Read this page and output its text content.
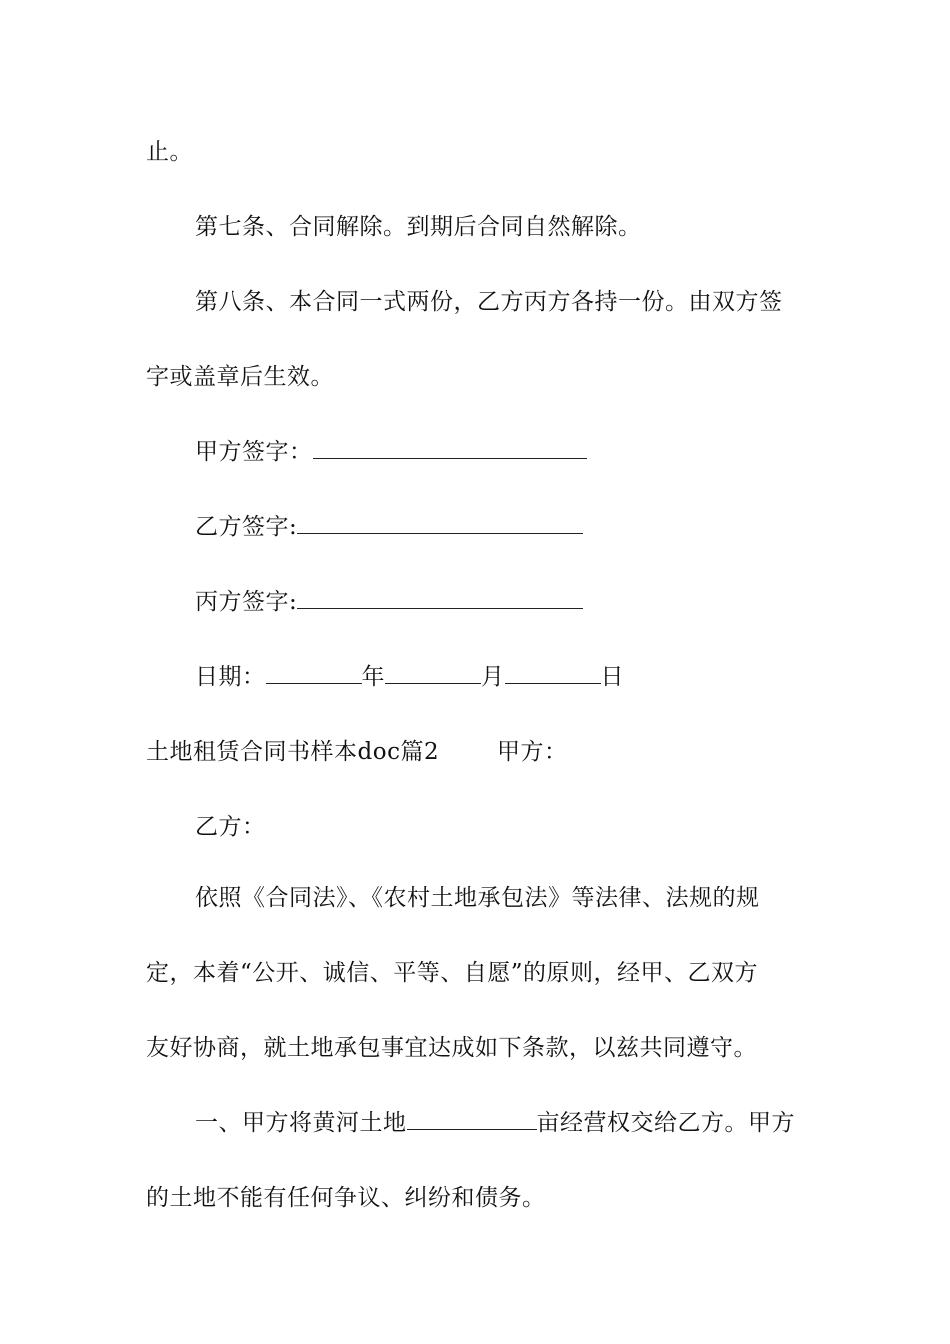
止。
第七条、合同解除。到期后合同自然解除。
第八条、本合同一式两份，乙方丙方各持一份。由双方签
字或盖章后生效。
甲方签字：
乙方签字:
丙方签字:
日期：	年	月	日
土地租赁合同书样本doc篇2	甲方：
乙方：
依照《合同法》、《农村土地承包法》等法律、法规的规
定，本着“公开、诚信、平等、自愿”的原则，经甲、乙双方
友好协商，就土地承包事宜达成如下条款，以兹共同遵守。
一、甲方将黄河土地	亩经营权交给乙方。甲方
的土地不能有任何争议、纠纷和债务。
